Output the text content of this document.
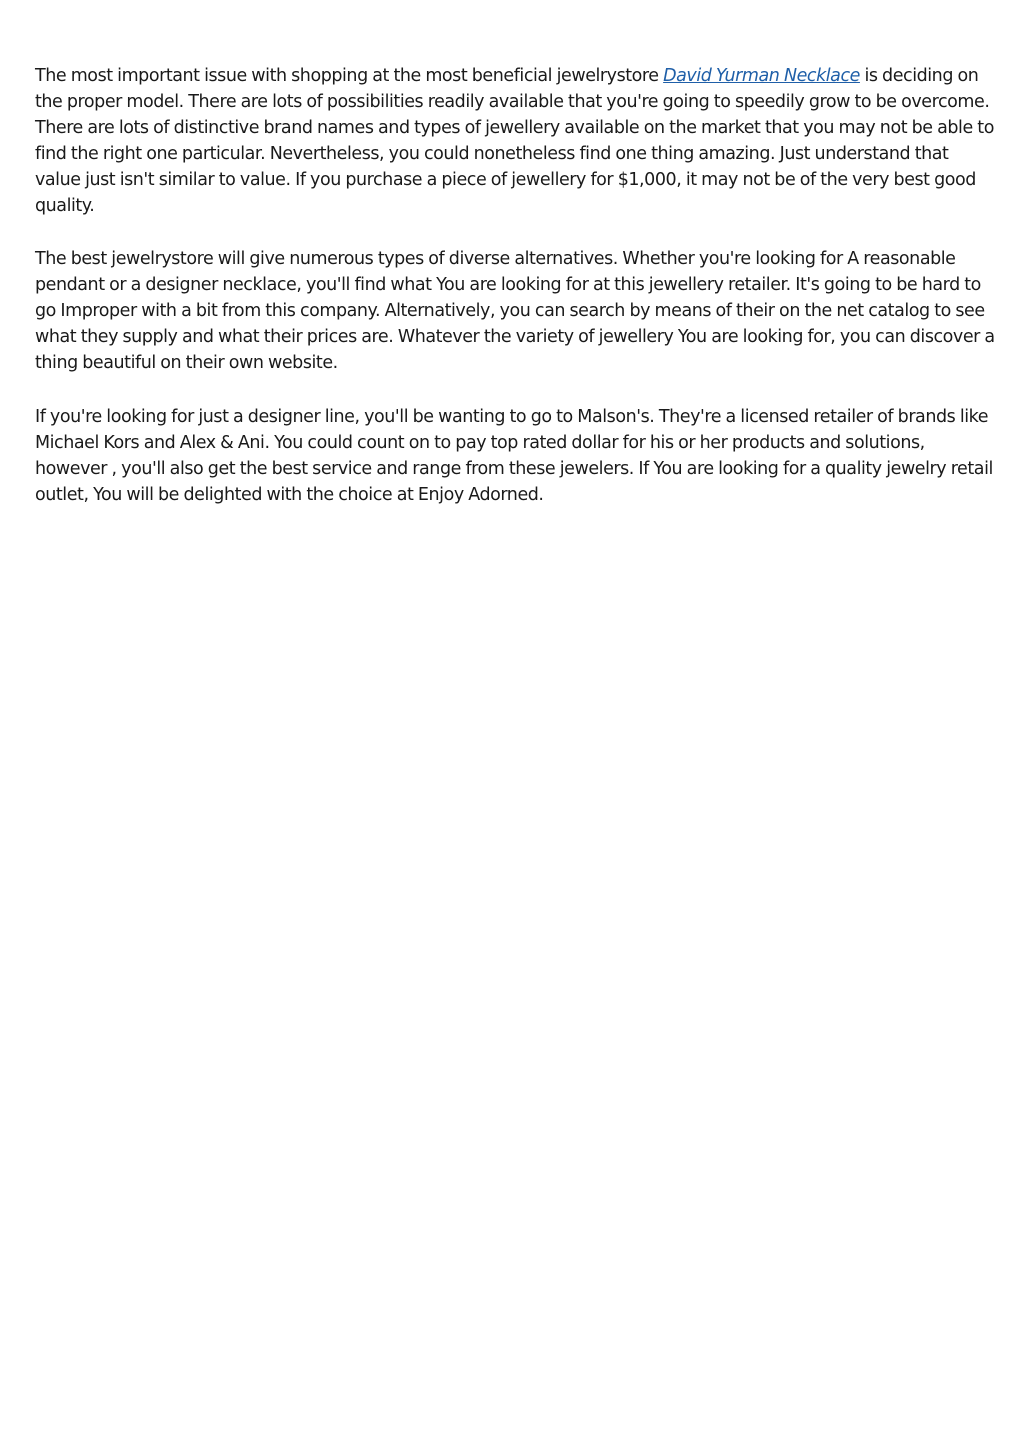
The most important issue with shopping at the most beneficial jewelrystore David Yurman Necklace is deciding on the proper model. There are lots of possibilities readily available that you're going to speedily grow to be overcome. There are lots of distinctive brand names and types of jewellery available on the market that you may not be able to find the right one particular. Nevertheless, you could nonetheless find one thing amazing. Just understand that value just isn't similar to value. If you purchase a piece of jewellery for $1,000, it may not be of the very best good quality.

The best jewelrystore will give numerous types of diverse alternatives. Whether you're looking for A reasonable pendant or a designer necklace, you'll find what You are looking for at this jewellery retailer. It's going to be hard to go Improper with a bit from this company. Alternatively, you can search by means of their on the net catalog to see what they supply and what their prices are. Whatever the variety of jewellery You are looking for, you can discover a thing beautiful on their own website.

If you're looking for just a designer line, you'll be wanting to go to Malson's. They're a licensed retailer of brands like Michael Kors and Alex & Ani. You could count on to pay top rated dollar for his or her products and solutions, however , you'll also get the best service and range from these jewelers. If You are looking for a quality jewelry retail outlet, You will be delighted with the choice at Enjoy Adorned.
